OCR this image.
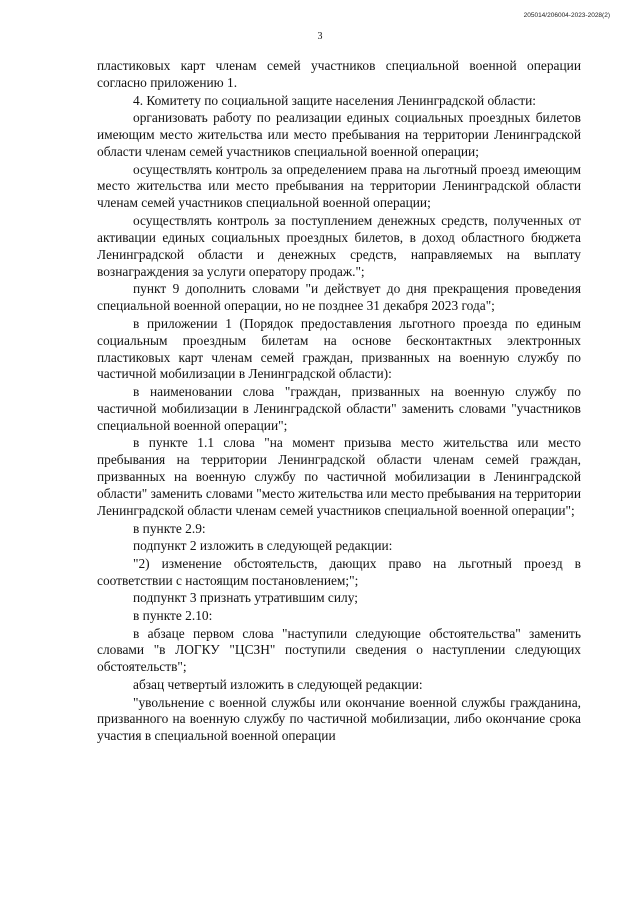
205014/206004-2023-2028(2)
3

пластиковых карт членам семей участников специальной военной операции согласно приложению 1.

4. Комитету по социальной защите населения Ленинградской области:

организовать работу по реализации единых социальных проездных билетов имеющим место жительства или место пребывания на территории Ленинградской области членам семей участников специальной военной операции;

осуществлять контроль за определением права на льготный проезд имеющим место жительства или место пребывания на территории Ленинградской области членам семей участников специальной военной операции;

осуществлять контроль за поступлением денежных средств, полученных от активации единых социальных проездных билетов, в доход областного бюджета Ленинградской области и денежных средств, направляемых на выплату вознаграждения за услуги оператору продаж.";

пункт 9 дополнить словами "и действует до дня прекращения проведения специальной военной операции, но не позднее 31 декабря 2023 года";

в приложении 1 (Порядок предоставления льготного проезда по единым социальным проездным билетам на основе бесконтактных электронных пластиковых карт членам семей граждан, призванных на военную службу по частичной мобилизации в Ленинградской области):

в наименовании слова "граждан, призванных на военную службу по частичной мобилизации в Ленинградской области" заменить словами "участников специальной военной операции";

в пункте 1.1 слова "на момент призыва место жительства или место пребывания на территории Ленинградской области членам семей граждан, призванных на военную службу по частичной мобилизации в Ленинградской области" заменить словами "место жительства или место пребывания на территории Ленинградской области членам семей участников специальной военной операции";

в пункте 2.9:

подпункт 2 изложить в следующей редакции:

"2) изменение обстоятельств, дающих право на льготный проезд в соответствии с настоящим постановлением;";

подпункт 3 признать утратившим силу;

в пункте 2.10:

в абзаце первом слова "наступили следующие обстоятельства" заменить словами "в ЛОГКУ "ЦСЗН" поступили сведения о наступлении следующих обстоятельств";

абзац четвертый изложить в следующей редакции:

"увольнение с военной службы или окончание военной службы гражданина, призванного на военную службу по частичной мобилизации, либо окончание срока участия в специальной военной операции
